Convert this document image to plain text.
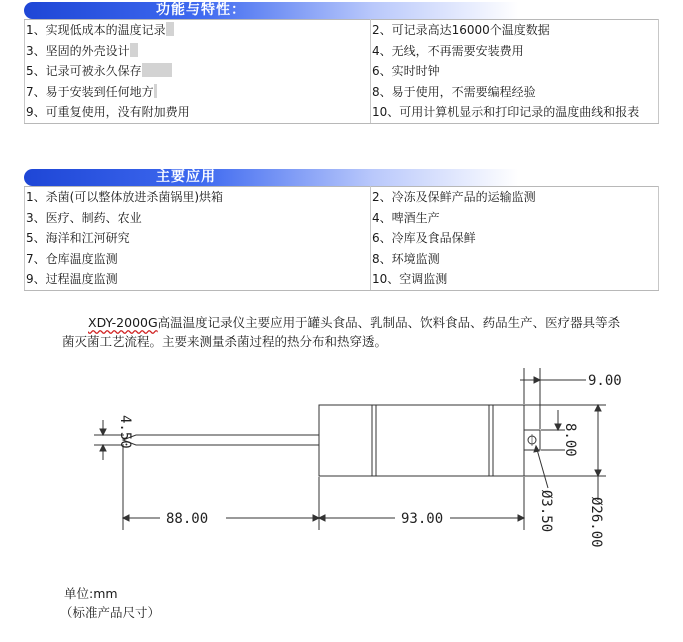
功能与特性：
1、实现低成本的温度记录	2、可记录高达16000个温度数据
3、坚固的外壳设计	4、无线，不再需要安装费用
5、记录可被永久保存	6、实时时钟
7、易于安装到任何地方	8、易于使用，不需要编程经验
9、可重复使用，没有附加费用	10、可用计算机显示和打印记录的温度曲线和报表
主要应用
1、杀菌(可以整体放进杀菌锅里)烘箱	2、冷冻及保鲜产品的运输监测
3、医疗、制药、农业	4、啤酒生产
5、海洋和江河研究	6、冷库及食品保鲜
7、仓库温度监测	8、环境监测
9、过程温度监测	10、空调监测
XDY-2000G高温温度记录仪主要应用于罐头食品、乳制品、饮料食品、药品生产、医疗器具等杀菌灭菌工艺流程。主要来测量杀菌过程的热分布和热穿透。
4.50
88.00	93.00
9.00
8.00
Ø3.50 Ø26.00
单位:mm
（标准产品尺寸）
